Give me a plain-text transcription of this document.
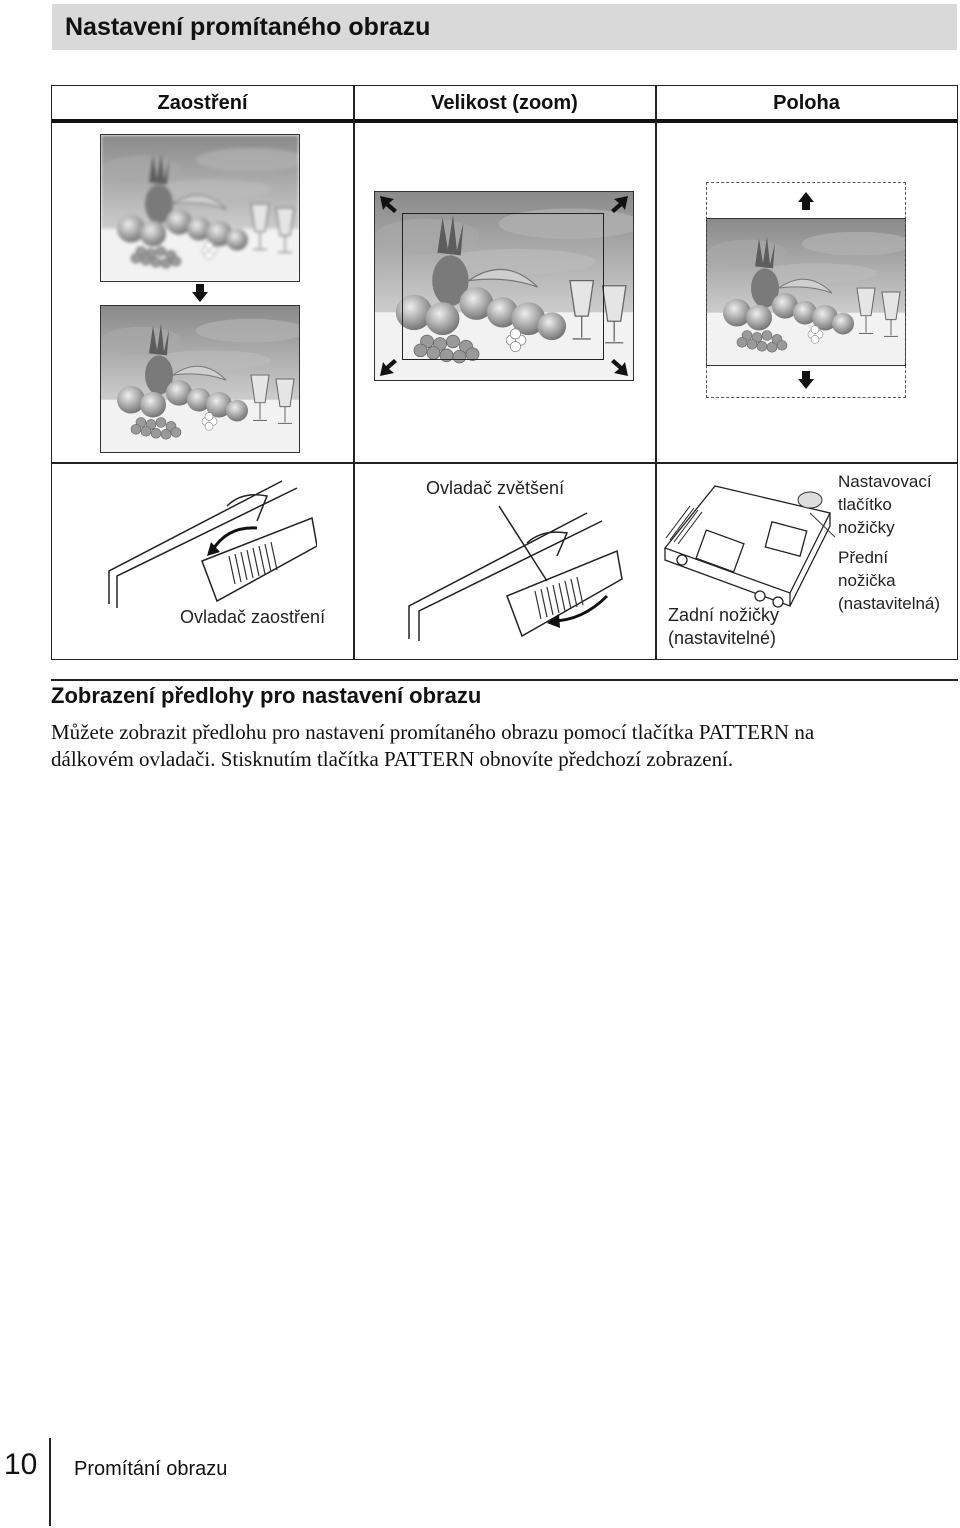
Nastavení promítaného obrazu
Zaostření	Velikost (zoom)	Poloha
Ovladač zaostření
Ovladač zvětšení
Zadní nožičky
(nastavitelné)
Nastavovací
tlačítko
nožičky
Přední
nožička
(nastavitelná)
Zobrazení předlohy pro nastavení obrazu

Můžete zobrazit předlohu pro nastavení promítaného obrazu pomocí tlačítka PATTERN na
dálkovém ovladači. Stisknutím tlačítka PATTERN obnovíte předchozí zobrazení.

10 Promítání obrazu
